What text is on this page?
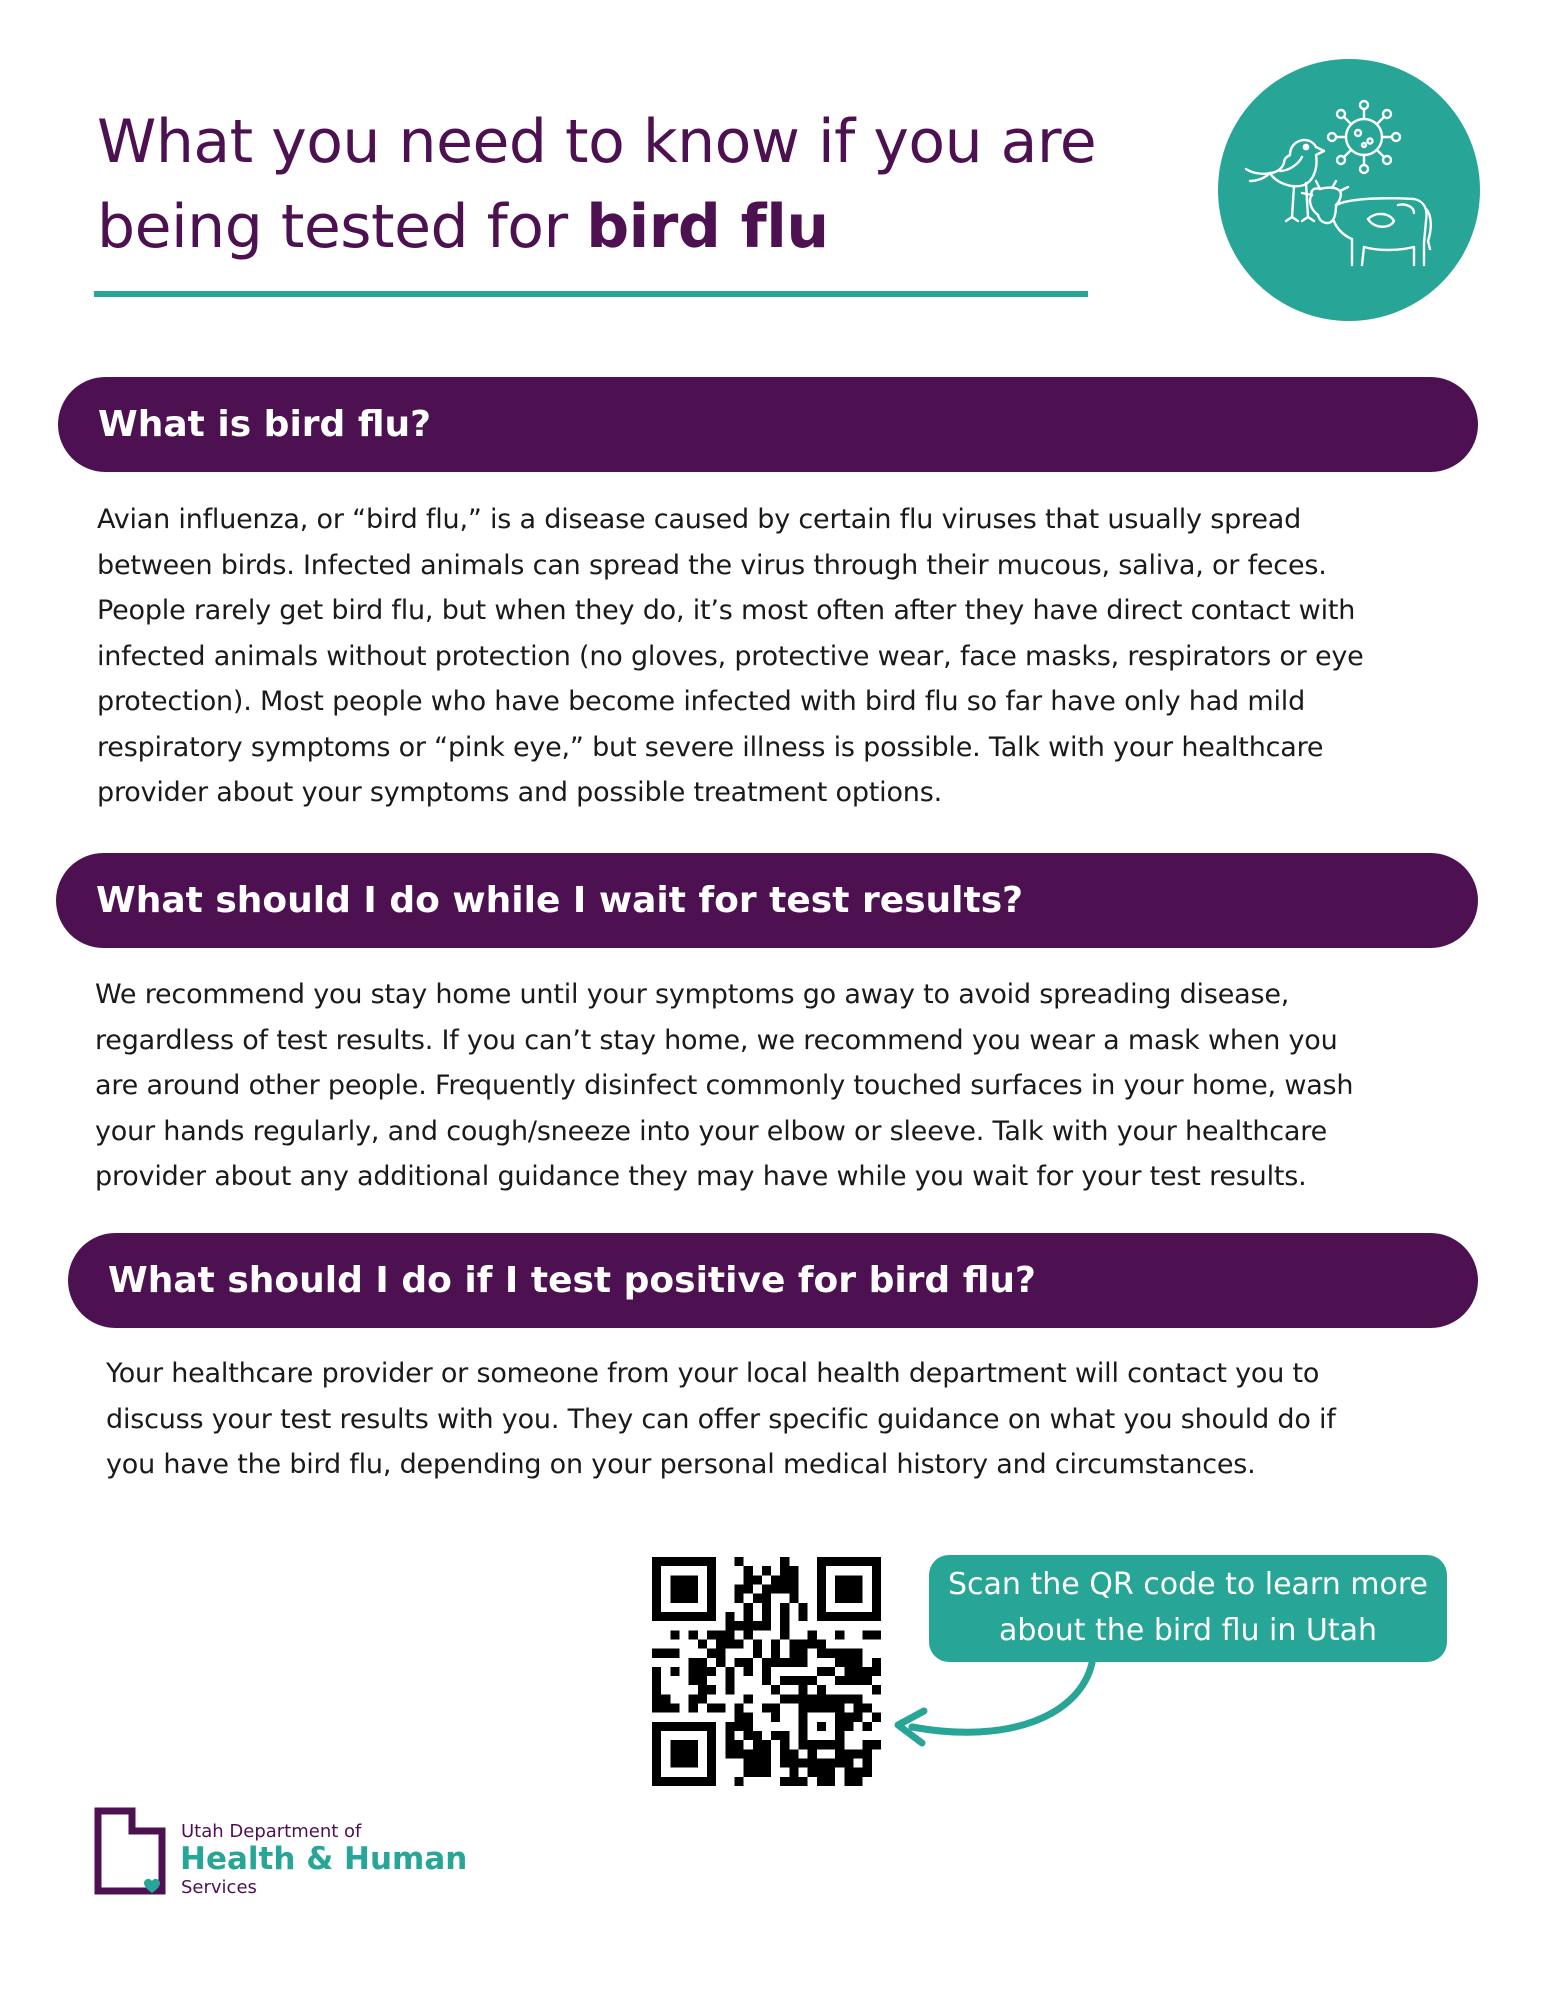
What you need to know if you are
being tested for bird flu
What is bird flu?

Avian influenza, or “bird flu,” is a disease caused by certain flu viruses that usually spread
between birds. Infected animals can spread the virus through their mucous, saliva, or feces.
People rarely get bird flu, but when they do, it’s most often after they have direct contact with
infected animals without protection (no gloves, protective wear, face masks, respirators or eye
protection). Most people who have become infected with bird flu so far have only had mild
respiratory symptoms or “pink eye,” but severe illness is possible. Talk with your healthcare
provider about your symptoms and possible treatment options.

What should I do while I wait for test results?

We recommend you stay home until your symptoms go away to avoid spreading disease,
regardless of test results. If you can’t stay home, we recommend you wear a mask when you
are around other people. Frequently disinfect commonly touched surfaces in your home, wash
your hands regularly, and cough/sneeze into your elbow or sleeve. Talk with your healthcare
provider about any additional guidance they may have while you wait for your test results.

What should I do if I test positive for bird flu?

Your healthcare provider or someone from your local health department will contact you to
discuss your test results with you. They can offer specific guidance on what you should do if
you have the bird flu, depending on your personal medical history and circumstances.

Scan the QR code to learn more
about the bird flu in Utah
Utah Department of
Health & Human
Services
